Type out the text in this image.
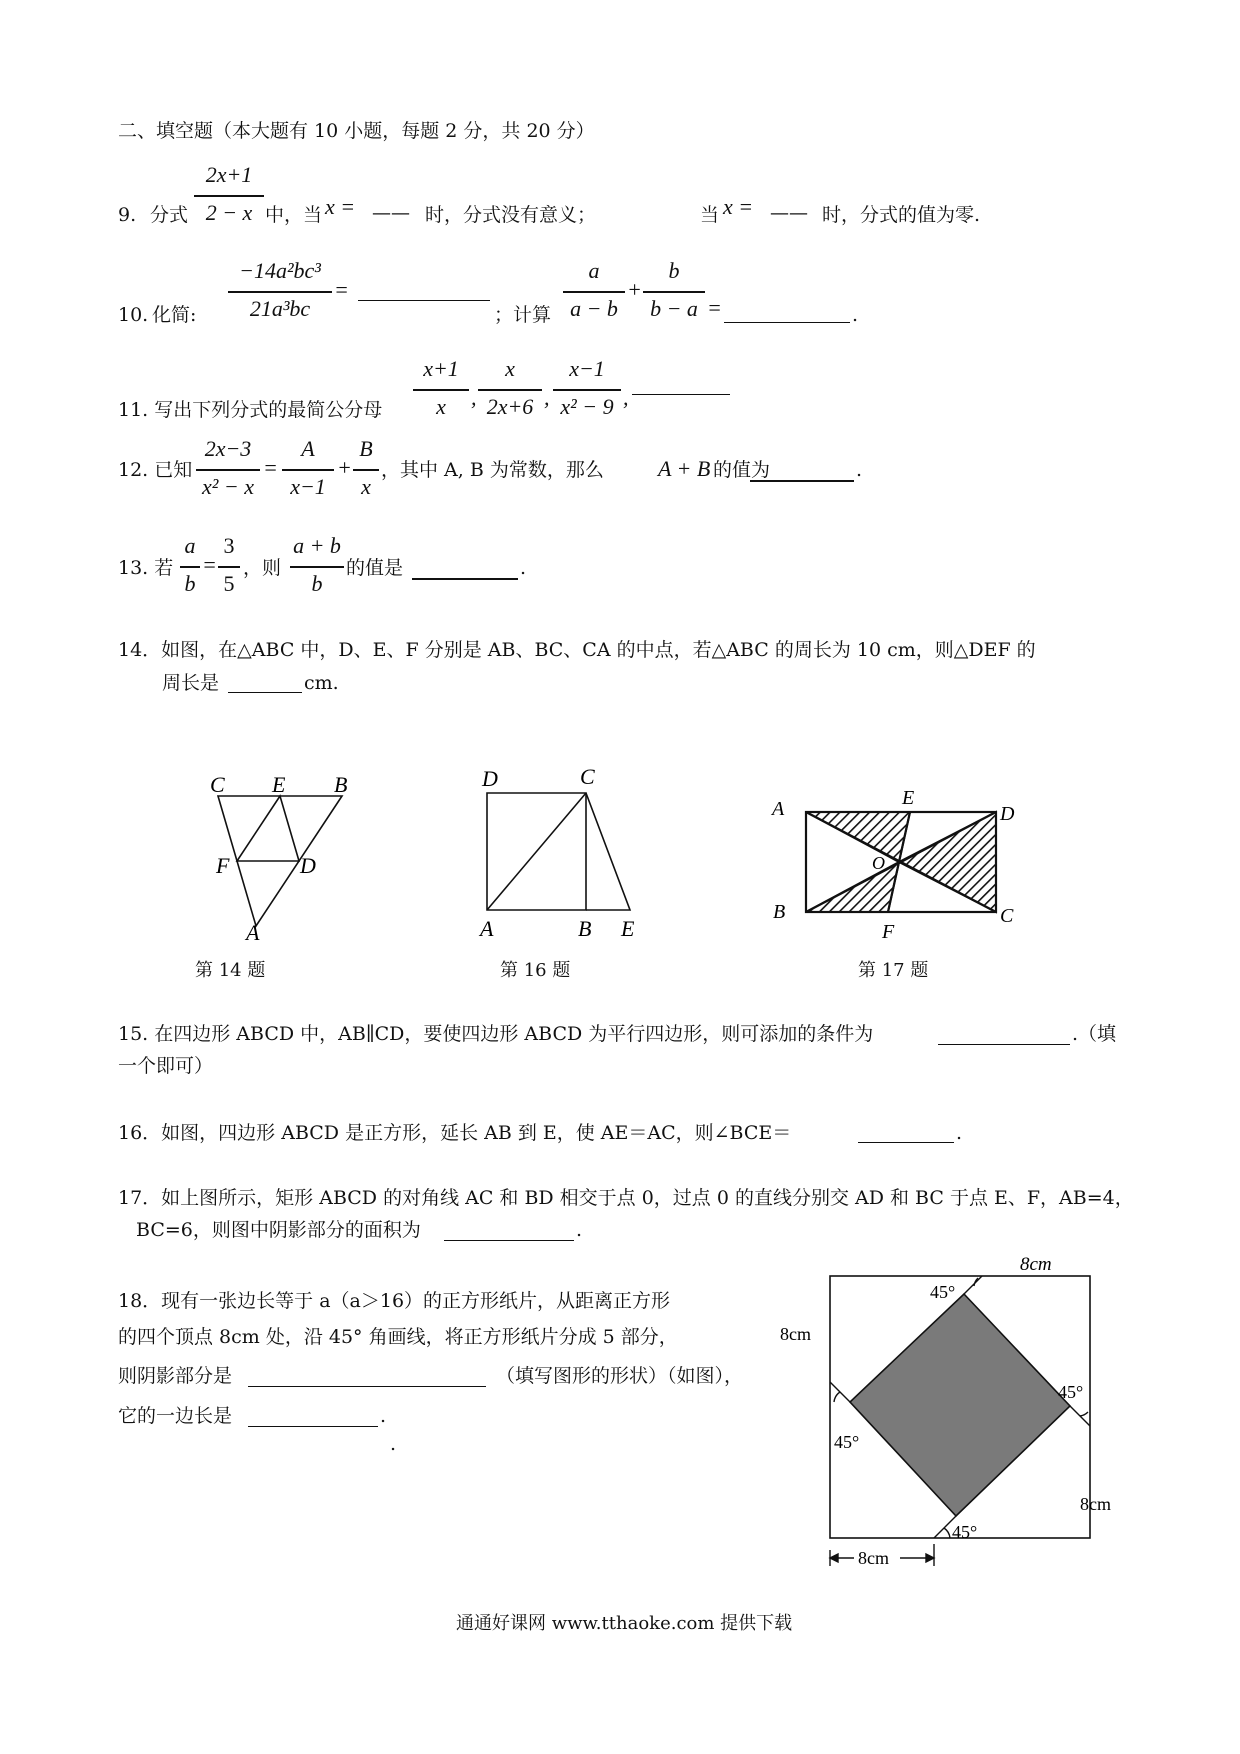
二、填空题（本大题有 10 小题，每题 2 分，共 20 分）
9. 分式
2x+1
2 − x 中，当 x = —— 时，分式没有意义；	当 x = —— 时，分式的值为零.
10. 化简:
−14a²bc³
21a³bc
=
；计算
a
a − b
+
b
b − a =	.
11. 写出下列分式的最简公分母
x+1
x	,
x
2x+6 ,
x−1
x² − 9 ,
12. 已知
2x−3
x² − x
=
A
x−1
+
B
x
，其中 A, B 为常数，那么 A + B 的值为	.
13. 若
a
b
=
3
5
，则
a + b
b
的值是	.
14．如图，在△ABC 中，D、E、F 分别是 AB、BC、CA 的中点，若△ABC 的周长为 10 cm，则△DEF 的
周长是	cm.
C E B
F	D
A
第 14 题
D	C
A	B E
第 16 题
A	E
D
O
B
F
C
第 17 题
15. 在四边形 ABCD 中，AB∥CD，要使四边形 ABCD 为平行四边形，则可添加的条件为	.（填
一个即可）
16．如图，四边形 ABCD 是正方形，延长 AB 到 E，使 AE＝AC，则∠BCE＝	.
17．如上图所示，矩形 ABCD 的对角线 AC 和 BD 相交于点 0，过点 0 的直线分别交 AD 和 BC 于点 E、F，AB=4，
BC=6，则图中阴影部分的面积为	.
18．现有一张边长等于 a（a＞16）的正方形纸片，从距离正方形
的四个顶点 8cm 处，沿 45° 角画线，将正方形纸片分成 5 部分，
则阴影部分是	（填写图形的形状）（如图），
它的一边长是	.
.
8cm
8cm
8cm
8cm
45°
45°
45°
45°
通通好课网 www.tthaoke.com 提供下载
